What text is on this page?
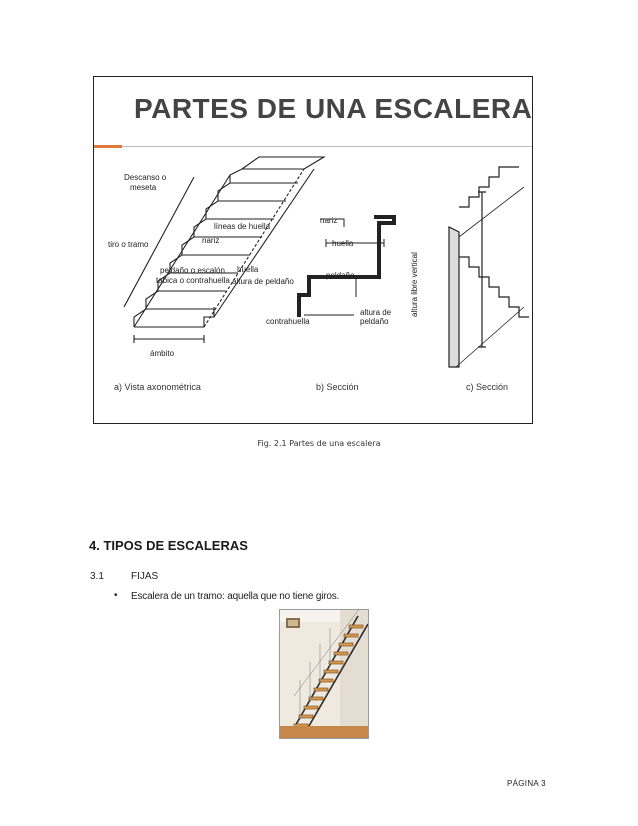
PARTES DE UNA ESCALERA
Descanso o
meseta
líneas de huella
tiro o tramo	nariz
peldaño o escalón
tabica o contrahuella
huella
altura de peldaño
ámbito
nariz
huella
peldaño
contrahuella
altura de
peldaño
altura libre vertical
a) Vista axonométrica	b) Sección	c) Sección
Fig. 2.1 Partes de una escalera
4. TIPOS DE ESCALERAS
3.1	FIJAS
• Escalera de un tramo: aquella que no tiene giros.
PÁGINA 3
